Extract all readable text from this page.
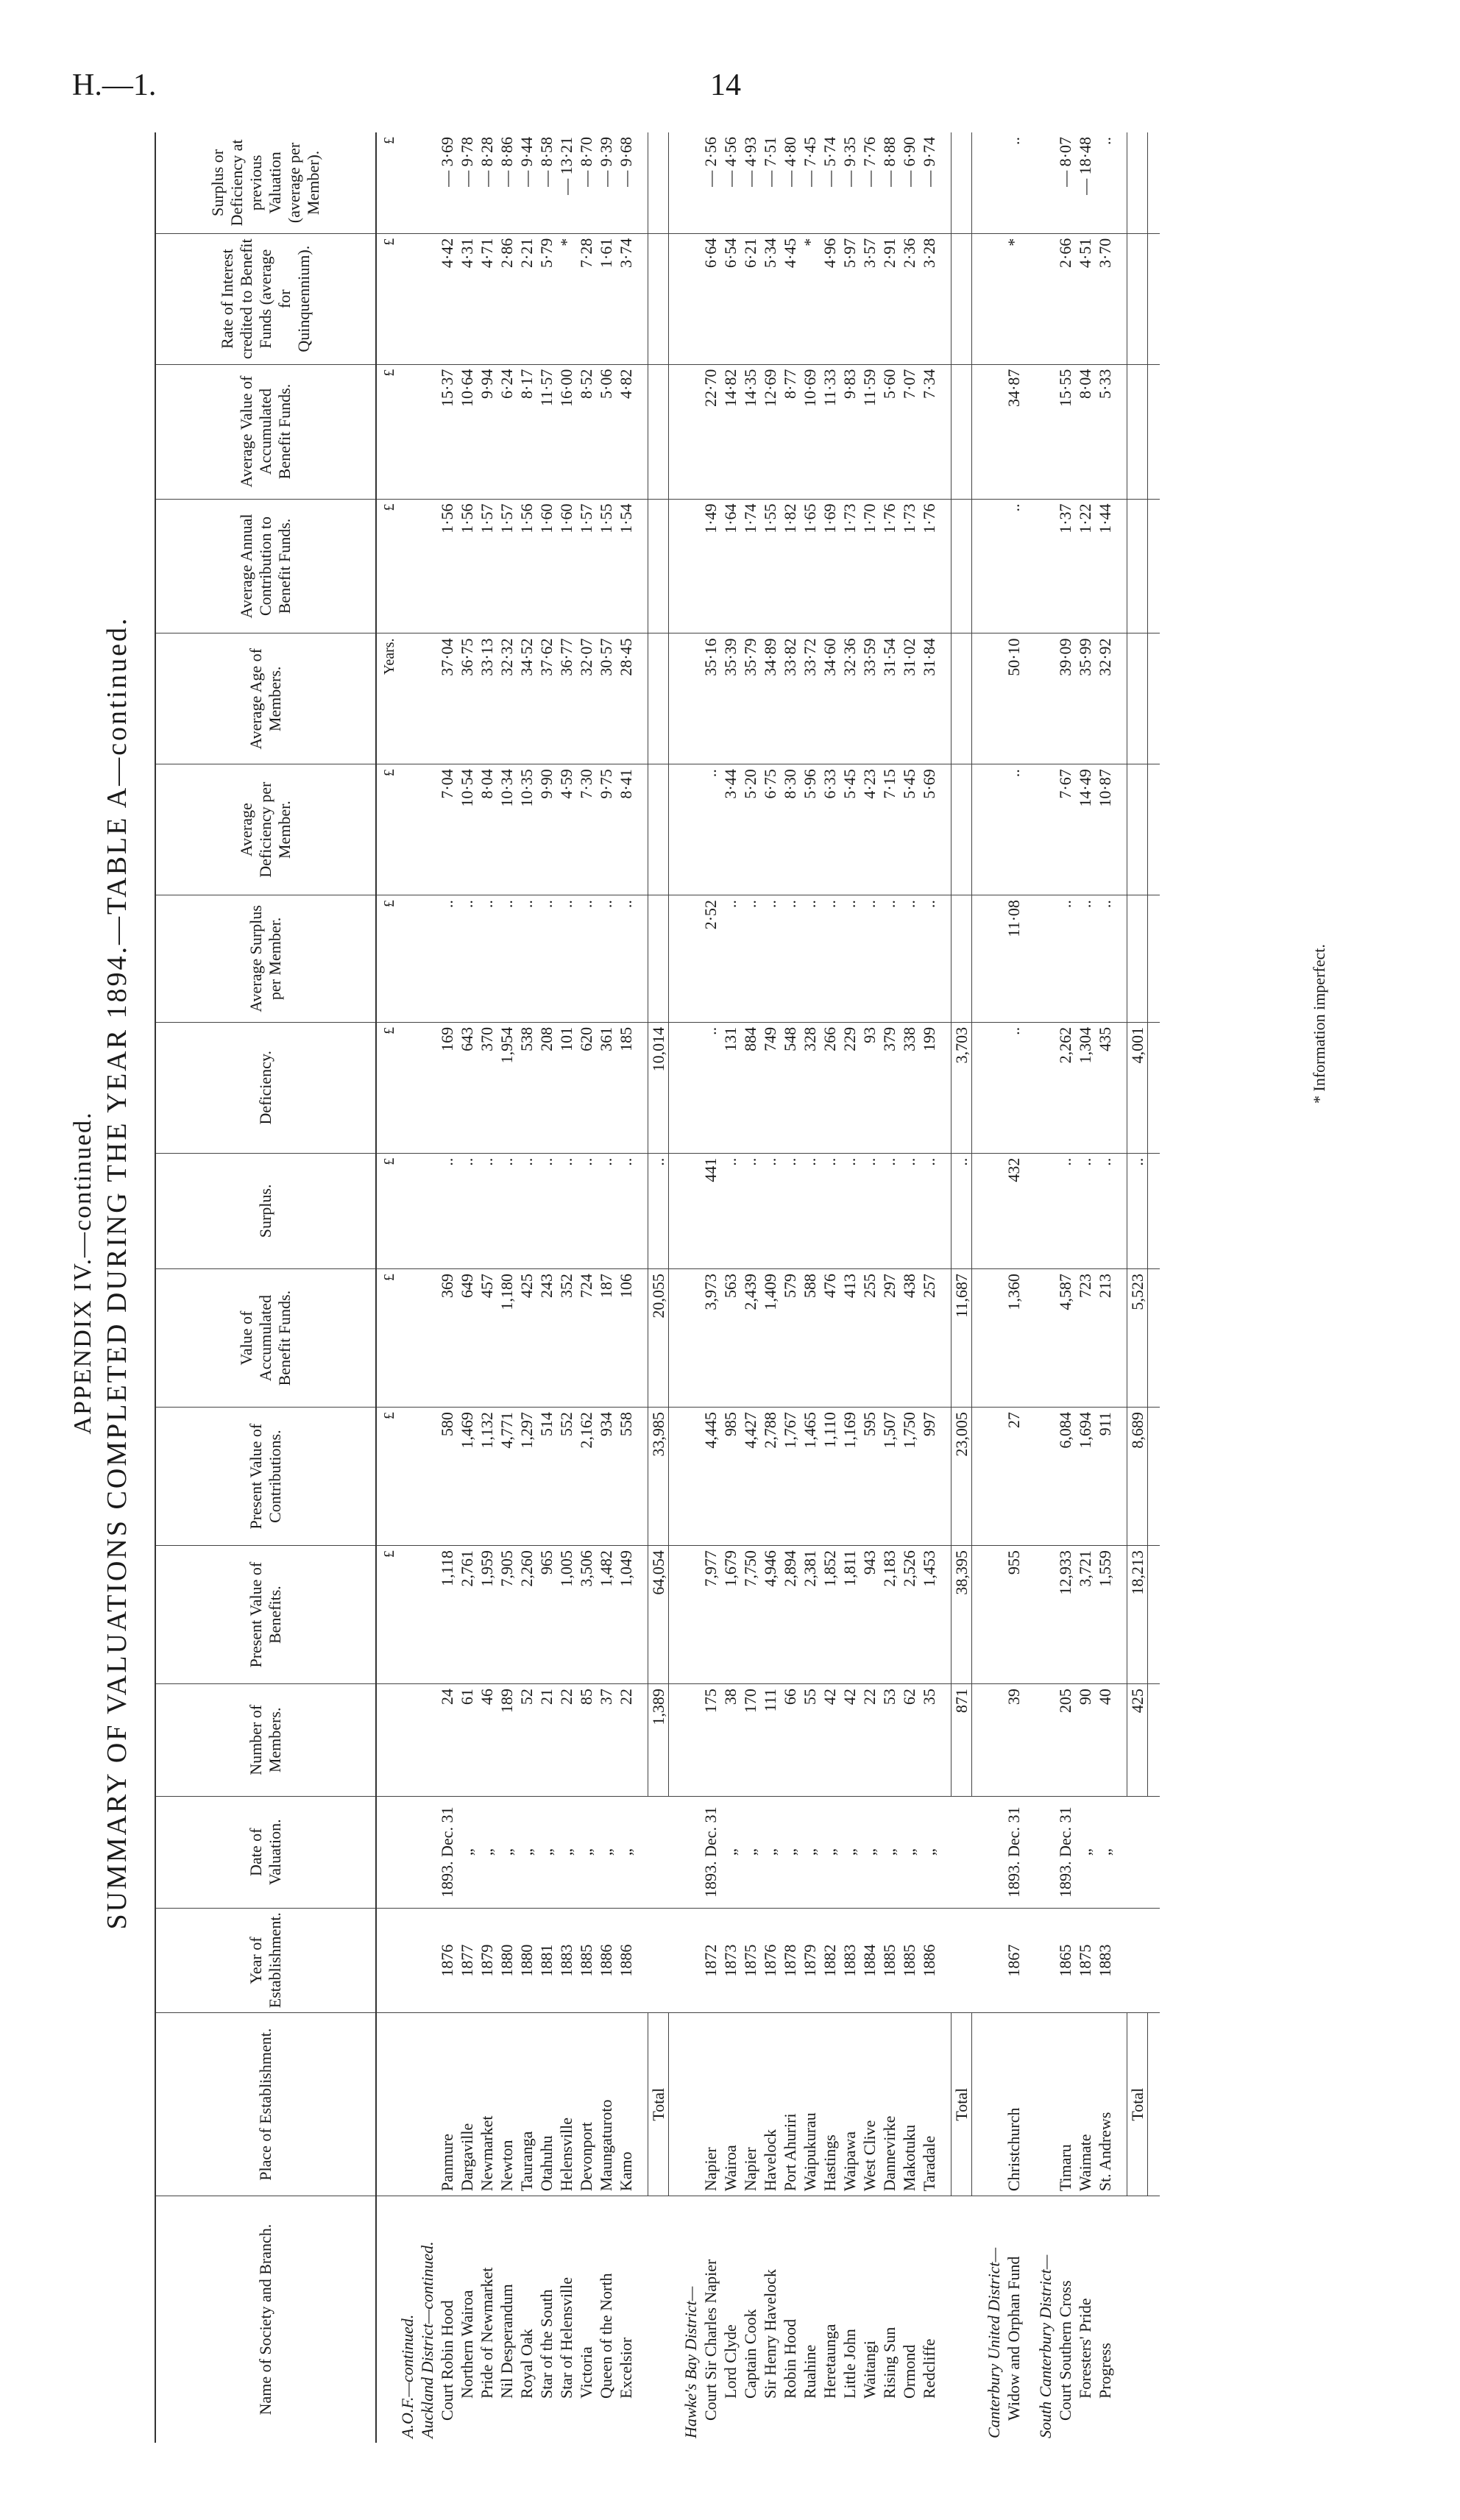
H.—1.	14
APPENDIX IV.—continued. SUMMARY OF VALUATIONS COMPLETED DURING THE YEAR 1894.—TABLE A—continued.
Name of Society and Branch.	Place of Establishment.	Year of Establishment.	Date of Valuation.	Number of Members.	Present Value of Benefits.	Present Value of Contributions.	Value of Accumulated Benefit Funds.	Surplus.	Deficiency.	Average Surplus per Member.	Average Deficiency per Member.	Average Age of Members.	Average Annual Contribution to Benefit Funds.	Average Value of Accumulated Benefit Funds.	Rate of Interest credited to Benefit Funds (average for Quinquennium).	Surplus or Deficiency at previous Valuation (average per Member).
					£	£	£	£	£	£	£	Years.	£	£	£	£
A.O.F.—continued.																
Auckland District—continued.																
Court Robin Hood	Panmure	1876	1893. Dec. 31	24	1,118	580	369	..	169	..	7·04	37·04	1·56	15·37	4·42	— 3·69
Northern Wairoa	Dargaville	1877	„	61	2,761	1,469	649	..	643	..	10·54	36·75	1·56	10·64	4·31	— 9·78
Pride of Newmarket	Newmarket	1879	„	46	1,959	1,132	457	..	370	..	8·04	33·13	1·57	9·94	4·71	— 8·28
Nil Desperandum	Newton	1880	„	189	7,905	4,771	1,180	..	1,954	..	10·34	32·32	1·57	6·24	2·86	— 8·86
Royal Oak	Tauranga	1880	„	52	2,260	1,297	425	..	538	..	10·35	34·52	1·56	8·17	2·21	— 9·44
Star of the South	Otahuhu	1881	„	21	965	514	243	..	208	..	9·90	37·62	1·60	11·57	5·79	— 8·58
Star of Helensville	Helensville	1883	„	22	1,005	552	352	..	101	..	4·59	36·77	1·60	16·00	*	— 13·21
Victoria	Devonport	1885	„	85	3,506	2,162	724	..	620	..	7·30	32·07	1·57	8·52	7·28	— 8·70
Queen of the North	Maungaturoto	1886	„	37	1,482	934	187	..	361	..	9·75	30·57	1·55	5·06	1·61	— 9·39
Excelsior	Kamo	1886	„	22	1,049	558	106	..	185	..	8·41	28·45	1·54	4·82	3·74	— 9·68

	Total			1,389	64,054	33,985	20,055	..	10,014							

Hawke's Bay District—																
Court Sir Charles Napier	Napier	1872	1893. Dec. 31	175	7,977	4,445	3,973	441	..	2·52	..	35·16	1·49	22·70	6·64	— 2·56
Lord Clyde	Wairoa	1873	„	38	1,679	985	563	..	131	..	3·44	35·39	1·64	14·82	6·54	— 4·56
Captain Cook	Napier	1875	„	170	7,750	4,427	2,439	..	884	..	5·20	35·79	1·74	14·35	6·21	— 4·93
Sir Henry Havelock	Havelock	1876	„	111	4,946	2,788	1,409	..	749	..	6·75	34·89	1·55	12·69	5·34	— 7·51
Robin Hood	Port Ahuriri	1878	„	66	2,894	1,767	579	..	548	..	8·30	33·82	1·82	8·77	4·45	— 4·80
Ruahine	Waipukurau	1879	„	55	2,381	1,465	588	..	328	..	5·96	33·72	1·65	10·69	*	— 7·45
Heretaunga	Hastings	1882	„	42	1,852	1,110	476	..	266	..	6·33	34·60	1·69	11·33	4·96	— 5·74
Little John	Waipawa	1883	„	42	1,811	1,169	413	..	229	..	5·45	32·36	1·73	9·83	5·97	— 9·35
Waitangi	West Clive	1884	„	22	943	595	255	..	93	..	4·23	33·59	1·70	11·59	3·57	— 7·76
Rising Sun	Dannevirke	1885	„	53	2,183	1,507	297	..	379	..	7·15	31·54	1·76	5·60	2·91	— 8·88
Ormond	Makotuku	1885	„	62	2,526	1,750	438	..	338	..	5·45	31·02	1·73	7·07	2·36	— 6·90
Redcliffe	Taradale	1886	„	35	1,453	997	257	..	199	..	5·69	31·84	1·76	7·34	3·28	— 9·74

	Total			871	38,395	23,005	11,687	..	3,703							

Canterbury United District—																
Widow and Orphan Fund	Christchurch	1867	1893. Dec. 31	39	955	27	1,360	432	..	11·08	..	50·10	..	34·87	*	..

South Canterbury District—																
Court Southern Cross	Timaru	1865	1893. Dec. 31	205	12,933	6,084	4,587	..	2,262	..	7·67	39·09	1·37	15·55	2·66	— 8·07
Foresters' Pride	Waimate	1875	„	90	3,721	1,694	723	..	1,304	..	14·49	35·99	1·22	8·04	4·51	— 18·48
Progress	St. Andrews	1883	„	40	1,559	911	213	..	435	..	10·87	32·92	1·44	5·33	3·70	..

	Total			425	18,213	8,689	5,523	..	4,001							
																	* Information imperfect.
